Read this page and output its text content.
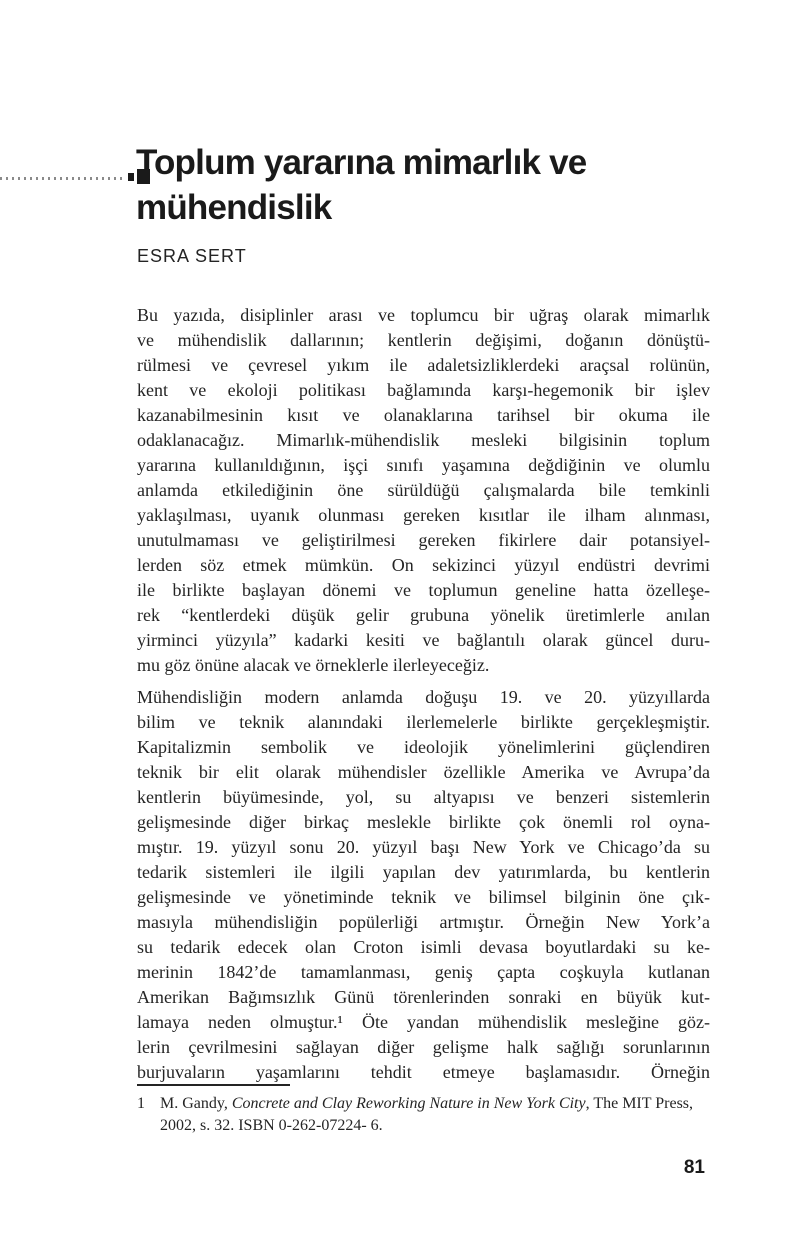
Toplum yararına mimarlık ve
mühendislik
ESRA SERT
Bu yazıda, disiplinler arası ve toplumcu bir uğraş olarak mimarlık
ve mühendislik dallarının; kentlerin değişimi, doğanın dönüştü-
rülmesi ve çevresel yıkım ile adaletsizliklerdeki araçsal rolünün,
kent ve ekoloji politikası bağlamında karşı-hegemonik bir işlev
kazanabilmesinin kısıt ve olanaklarına tarihsel bir okuma ile
odaklanacağız. Mimarlık-mühendislik mesleki bilgisinin toplum
yararına kullanıldığının, işçi sınıfı yaşamına değdiğinin ve olumlu
anlamda etkilediğinin öne sürüldüğü çalışmalarda bile temkinli
yaklaşılması, uyanık olunması gereken kısıtlar ile ilham alınması,
unutulmaması ve geliştirilmesi gereken fikirlere dair potansiyel-
lerden söz etmek mümkün. On sekizinci yüzyıl endüstri devrimi
ile birlikte başlayan dönemi ve toplumun geneline hatta özelleşe-
rek “kentlerdeki düşük gelir grubuna yönelik üretimlerle anılan
yirminci yüzyıla” kadarki kesiti ve bağlantılı olarak güncel duru-
mu göz önüne alacak ve örneklerle ilerleyeceğiz.
Mühendisliğin modern anlamda doğuşu 19. ve 20. yüzyıllarda
bilim ve teknik alanındaki ilerlemelerle birlikte gerçekleşmiştir.
Kapitalizmin sembolik ve ideolojik yönelimlerini güçlendiren
teknik bir elit olarak mühendisler özellikle Amerika ve Avrupa’da
kentlerin büyümesinde, yol, su altyapısı ve benzeri sistemlerin
gelişmesinde diğer birkaç meslekle birlikte çok önemli rol oyna-
mıştır. 19. yüzyıl sonu 20. yüzyıl başı New York ve Chicago’da su
tedarik sistemleri ile ilgili yapılan dev yatırımlarda, bu kentlerin
gelişmesinde ve yönetiminde teknik ve bilimsel bilginin öne çık-
masıyla mühendisliğin popülerliği artmıştır. Örneğin New York’a
su tedarik edecek olan Croton isimli devasa boyutlardaki su ke-
merinin 1842’de tamamlanması, geniş çapta coşkuyla kutlanan
Amerikan Bağımsızlık Günü törenlerinden sonraki en büyük kut-
lamaya neden olmuştur.¹ Öte yandan mühendislik mesleğine göz-
lerin çevrilmesini sağlayan diğer gelişme halk sağlığı sorunlarının
burjuvaların yaşamlarını tehdit etmeye başlamasıdır. Örneğin
1 M. Gandy, Concrete and Clay Reworking Nature in New York City, The MIT Press, 2002, s. 32. ISBN 0-262-07224- 6.
81
